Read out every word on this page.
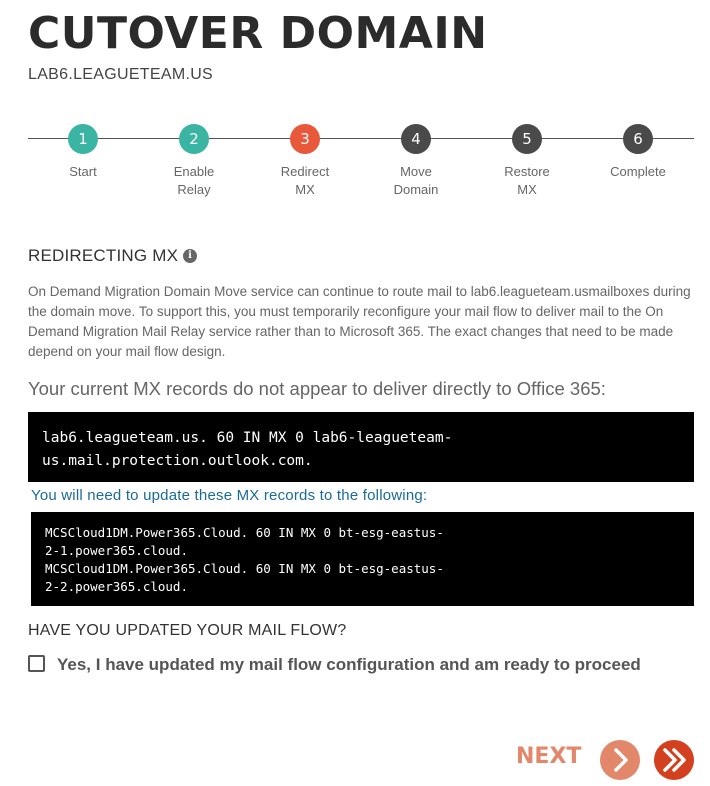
CUTOVER DOMAIN
LAB6.LEAGUETEAM.US
1
Start
2
Enable
Relay
3
Redirect
MX
4
Move
Domain
5
Restore
MX
6
Complete
REDIRECTING MX	i
On Demand Migration Domain Move service can continue to route mail to lab6.leagueteam.usmailboxes during the domain move. To support this, you must temporarily reconfigure your mail flow to deliver mail to the On Demand Migration Mail Relay service rather than to Microsoft 365. The exact changes that need to be made depend on your mail flow design.
Your current MX records do not appear to deliver directly to Office 365:
lab6.leagueteam.us. 60 IN MX 0 lab6-leagueteam-
us.mail.protection.outlook.com.
You will need to update these MX records to the following:
MCSCloud1DM.Power365.Cloud. 60 IN MX 0 bt-esg-eastus-
2-1.power365.cloud.
MCSCloud1DM.Power365.Cloud. 60 IN MX 0 bt-esg-eastus-
2-2.power365.cloud.
HAVE YOU UPDATED YOUR MAIL FLOW?
Yes, I have updated my mail flow configuration and am ready to proceed
NEXT
